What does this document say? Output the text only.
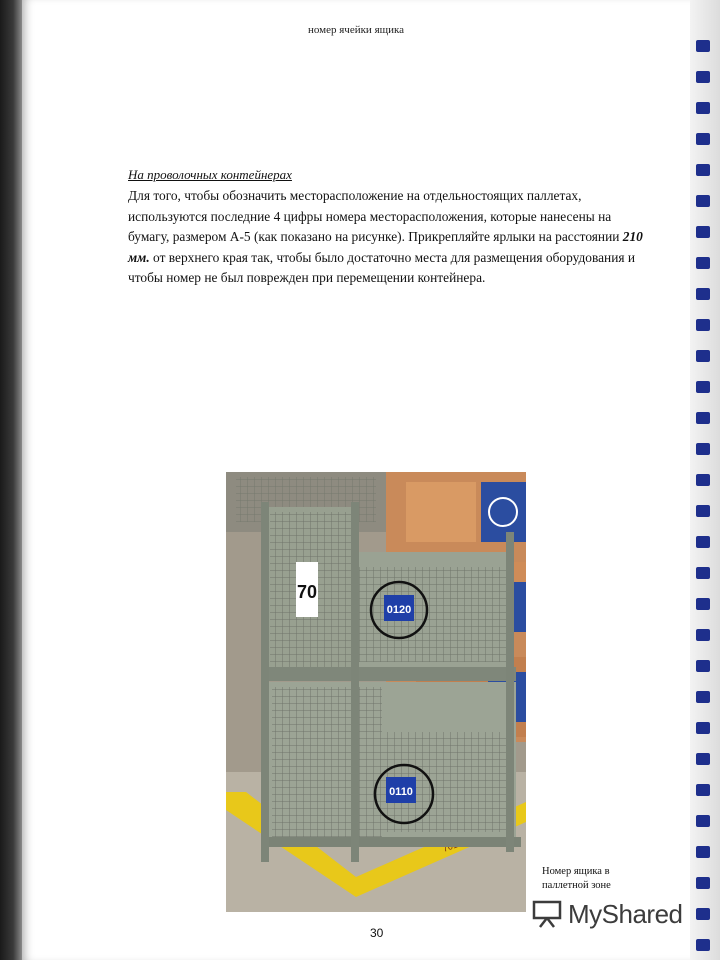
номер ячейки ящика
На проволочных контейнерах

Для того, чтобы обозначить месторасположение на отдельностоящих паллетах, используются последние 4 цифры номера месторасположения, которые нанесены на бумагу, размером А-5 (как показано на рисунке). Прикрепляйте ярлыки на расстоянии 210 мм. от верхнего края так, чтобы было достаточно места для размещения оборудования и чтобы номер не был поврежден при перемещении контейнера.

70
0120
0110
Номер ящика в паллетной зоне
30
MyShared
